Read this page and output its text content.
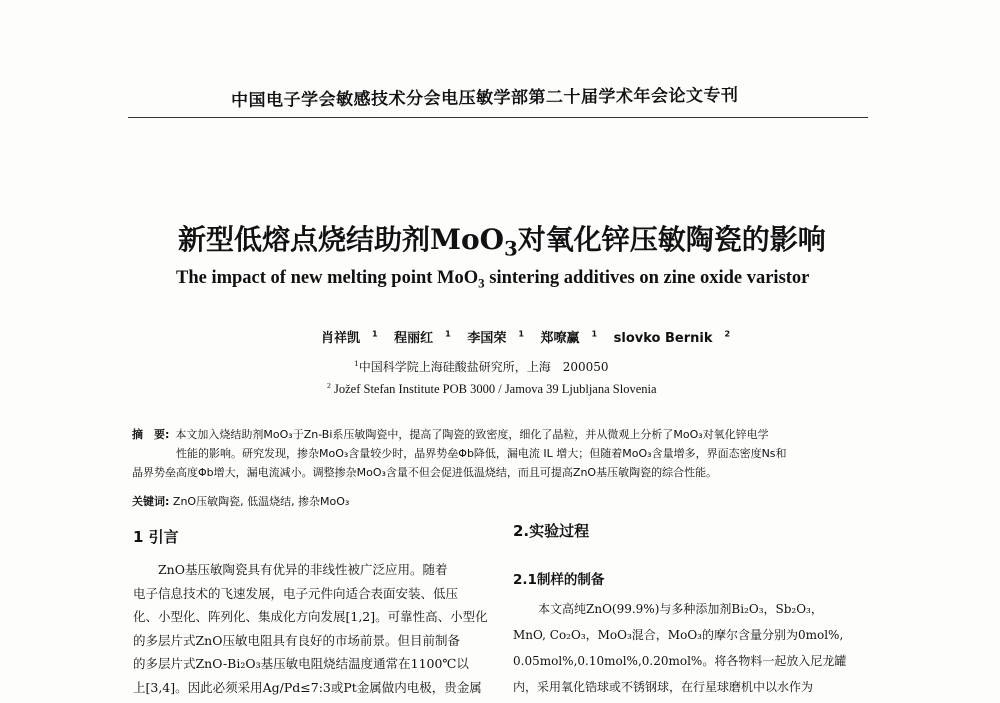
中国电子学会敏感技术分会电压敏学部第二十届学术年会论文专刊
新型低熔点烧结助剂MoO$_3$对氧化锌压敏陶瓷的影响
The impact of new melting point MoO$_3$ sintering additives on zine oxide varistor
肖祥凯 $^1$ 程丽红 $^1$ 李国荣 $^1$ 郑嘹赢 $^1$ slovko Bernik $^2$
$^1$中国科学院上海硅酸盐研究所，上海　200050
$^2$ Jožef Stefan Institute POB 3000 / Jamova 39 Ljubljana Slovenia
摘　要: 本文加入烧结助剂MoO₃于Zn-Bi系压敏陶瓷中，提高了陶瓷的致密度，细化了晶粒，并从微观上分析了MoO₃对氧化锌电学
性能的影响。研究发现，掺杂MoO₃含量较少时，晶界势垒Φb降低，漏电流 IL 增大；但随着MoO₃含量增多，界面态密度Ns和
晶界势垒高度Φb增大，漏电流减小。调整掺杂MoO₃含量不但会促进低温烧结，而且可提高ZnO基压敏陶瓷的综合性能。
关键词: ZnO压敏陶瓷, 低温烧结, 掺杂MoO₃
1 引言	2.实验过程
2.1制样的制备
ZnO基压敏陶瓷具有优异的非线性被广泛应用。随着
电子信息技术的飞速发展，电子元件向适合表面安装、低压
化、小型化、阵列化、集成化方向发展[1,2]。可靠性高、小型化
的多层片式ZnO压敏电阻具有良好的市场前景。但目前制备
的多层片式ZnO-Bi₂O₃基压敏电阻烧结温度通常在1100℃以
上[3,4]。因此必须采用Ag/Pd≤7:3或Pt金属做内电极，贵金属
本文高纯ZnO(99.9%)与多种添加剂Bi₂O₃，Sb₂O₃，
MnO, Co₂O₃，MoO₃混合，MoO₃的摩尔含量分别为0mol%,
0.05mol%,0.10mol%,0.20mol%。将各物料一起放入尼龙罐
内，采用氧化锆球或不锈钢球，在行星球磨机中以水作为
